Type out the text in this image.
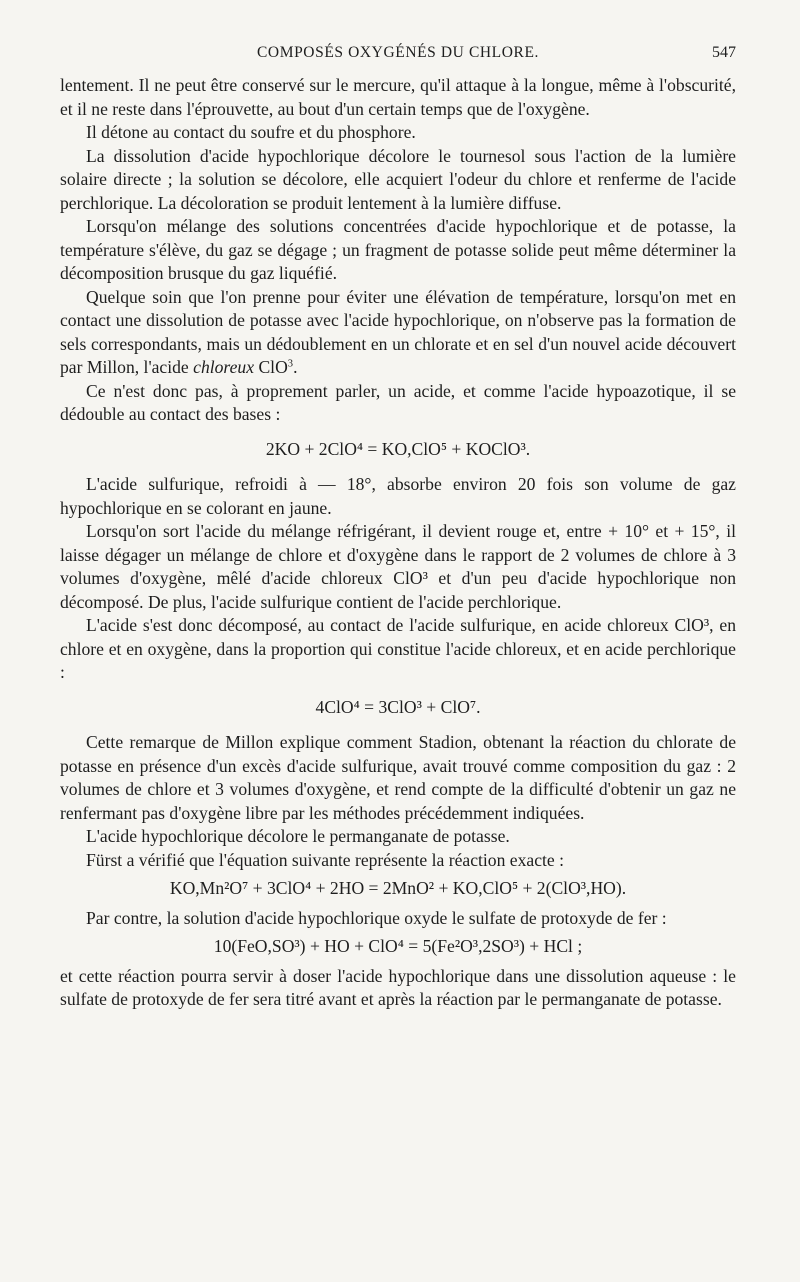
COMPOSÉS OXYGÉNÉS DU CHLORE.	547

lentement. Il ne peut être conservé sur le mercure, qu'il attaque à la longue, même à l'obscurité, et il ne reste dans l'éprouvette, au bout d'un certain temps que de l'oxygène.

Il détone au contact du soufre et du phosphore.

La dissolution d'acide hypochlorique décolore le tournesol sous l'action de la lumière solaire directe ; la solution se décolore, elle acquiert l'odeur du chlore et renferme de l'acide perchlorique. La décoloration se produit lentement à la lumière diffuse.

Lorsqu'on mélange des solutions concentrées d'acide hypochlorique et de potasse, la température s'élève, du gaz se dégage ; un fragment de potasse solide peut même déterminer la décomposition brusque du gaz liquéfié.

Quelque soin que l'on prenne pour éviter une élévation de température, lorsqu'on met en contact une dissolution de potasse avec l'acide hypochlorique, on n'observe pas la formation de sels correspondants, mais un dédoublement en un chlorate et en sel d'un nouvel acide découvert par Millon, l'acide chloreux ClO$^3$.

Ce n'est donc pas, à proprement parler, un acide, et comme l'acide hypoazotique, il se dédouble au contact des bases :

2KO + 2ClO⁴ = KO,ClO⁵ + KOClO³.

L'acide sulfurique, refroidi à — 18°, absorbe environ 20 fois son volume de gaz hypochlorique en se colorant en jaune.

Lorsqu'on sort l'acide du mélange réfrigérant, il devient rouge et, entre + 10° et + 15°, il laisse dégager un mélange de chlore et d'oxygène dans le rapport de 2 volumes de chlore à 3 volumes d'oxygène, mêlé d'acide chloreux ClO³ et d'un peu d'acide hypochlorique non décomposé. De plus, l'acide sulfurique contient de l'acide perchlorique.

L'acide s'est donc décomposé, au contact de l'acide sulfurique, en acide chloreux ClO³, en chlore et en oxygène, dans la proportion qui constitue l'acide chloreux, et en acide perchlorique :

4ClO⁴ = 3ClO³ + ClO⁷.

Cette remarque de Millon explique comment Stadion, obtenant la réaction du chlorate de potasse en présence d'un excès d'acide sulfurique, avait trouvé comme composition du gaz : 2 volumes de chlore et 3 volumes d'oxygène, et rend compte de la difficulté d'obtenir un gaz ne renfermant pas d'oxygène libre par les méthodes précédemment indiquées.

L'acide hypochlorique décolore le permanganate de potasse.

Fürst a vérifié que l'équation suivante représente la réaction exacte :

KO,Mn²O⁷ + 3ClO⁴ + 2HO = 2MnO² + KO,ClO⁵ + 2(ClO³,HO).

Par contre, la solution d'acide hypochlorique oxyde le sulfate de protoxyde de fer :

10(FeO,SO³) + HO + ClO⁴ = 5(Fe²O³,2SO³) + HCl ;

et cette réaction pourra servir à doser l'acide hypochlorique dans une dissolution aqueuse : le sulfate de protoxyde de fer sera titré avant et après la réaction par le permanganate de potasse.
